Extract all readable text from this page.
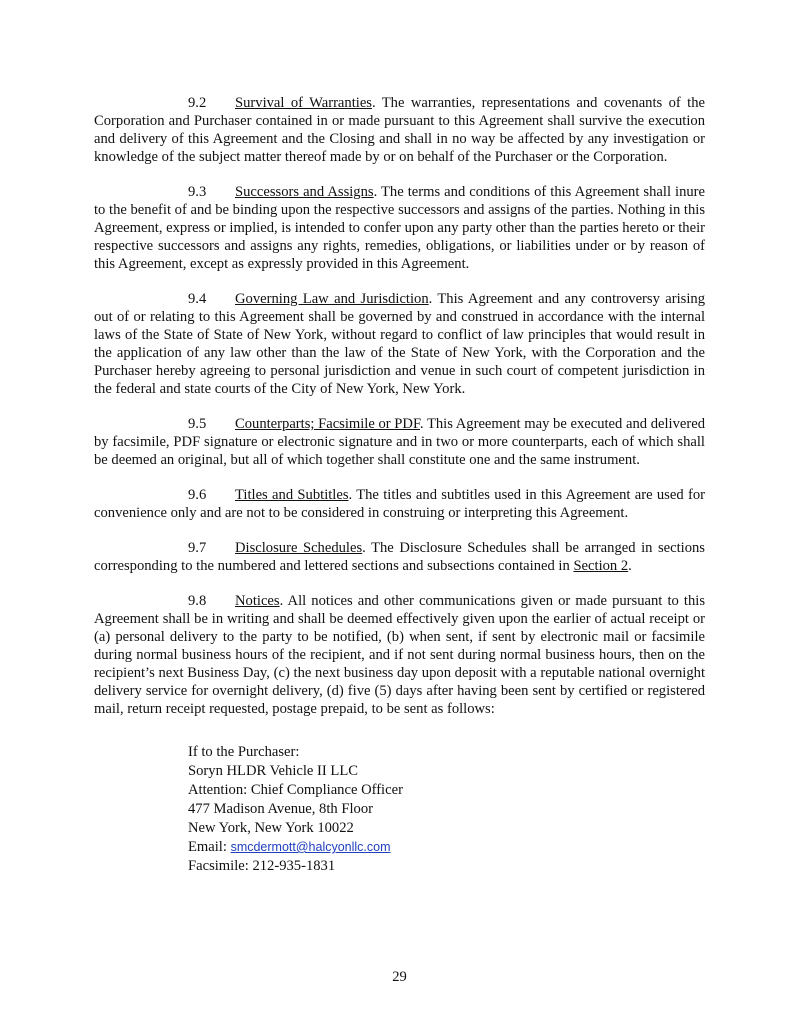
9.2 Survival of Warranties. The warranties, representations and covenants of the Corporation and Purchaser contained in or made pursuant to this Agreement shall survive the execution and delivery of this Agreement and the Closing and shall in no way be affected by any investigation or knowledge of the subject matter thereof made by or on behalf of the Purchaser or the Corporation.

9.3 Successors and Assigns. The terms and conditions of this Agreement shall inure to the benefit of and be binding upon the respective successors and assigns of the parties. Nothing in this Agreement, express or implied, is intended to confer upon any party other than the parties hereto or their respective successors and assigns any rights, remedies, obligations, or liabilities under or by reason of this Agreement, except as expressly provided in this Agreement.

9.4 Governing Law and Jurisdiction. This Agreement and any controversy arising out of or relating to this Agreement shall be governed by and construed in accordance with the internal laws of the State of State of New York, without regard to conflict of law principles that would result in the application of any law other than the law of the State of New York, with the Corporation and the Purchaser hereby agreeing to personal jurisdiction and venue in such court of competent jurisdiction in the federal and state courts of the City of New York, New York.

9.5 Counterparts; Facsimile or PDF. This Agreement may be executed and delivered by facsimile, PDF signature or electronic signature and in two or more counterparts, each of which shall be deemed an original, but all of which together shall constitute one and the same instrument.

9.6 Titles and Subtitles. The titles and subtitles used in this Agreement are used for convenience only and are not to be considered in construing or interpreting this Agreement.

9.7 Disclosure Schedules. The Disclosure Schedules shall be arranged in sections corresponding to the numbered and lettered sections and subsections contained in Section 2.

9.8 Notices. All notices and other communications given or made pursuant to this Agreement shall be in writing and shall be deemed effectively given upon the earlier of actual receipt or (a) personal delivery to the party to be notified, (b) when sent, if sent by electronic mail or facsimile during normal business hours of the recipient, and if not sent during normal business hours, then on the recipient’s next Business Day, (c) the next business day upon deposit with a reputable national overnight delivery service for overnight delivery, (d) five (5) days after having been sent by certified or registered mail, return receipt requested, postage prepaid, to be sent as follows:

If to the Purchaser:
Soryn HLDR Vehicle II LLC
Attention: Chief Compliance Officer
477 Madison Avenue, 8th Floor
New York, New York 10022
Email: smcdermott@halcyonllc.com
Facsimile: 212-935-1831
29
